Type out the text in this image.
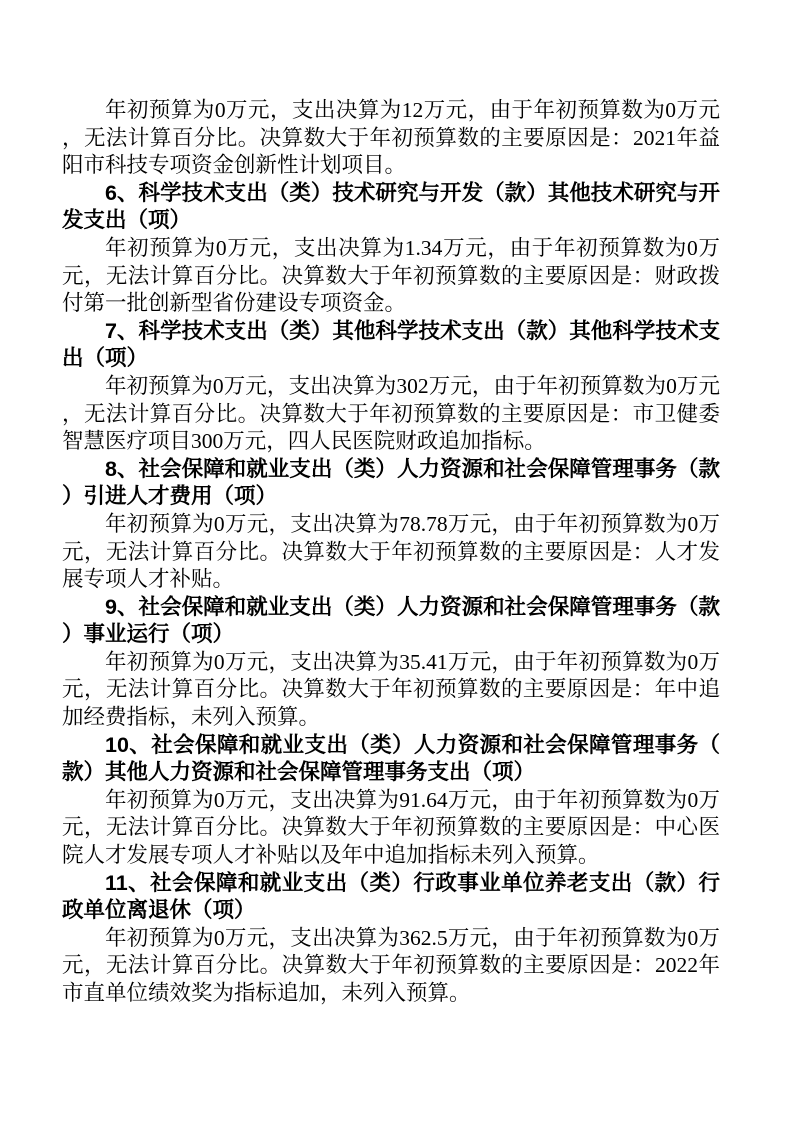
年初预算为0万元，支出决算为12万元，由于年初预算数为0万元，无法计算百分比。决算数大于年初预算数的主要原因是：2021年益阳市科技专项资金创新性计划项目。
6、科学技术支出（类）技术研究与开发（款）其他技术研究与开发支出（项）
年初预算为0万元，支出决算为1.34万元，由于年初预算数为0万元，无法计算百分比。决算数大于年初预算数的主要原因是：财政拨付第一批创新型省份建设专项资金。
7、科学技术支出（类）其他科学技术支出（款）其他科学技术支出（项）
年初预算为0万元，支出决算为302万元，由于年初预算数为0万元，无法计算百分比。决算数大于年初预算数的主要原因是：市卫健委智慧医疗项目300万元，四人民医院财政追加指标。
8、社会保障和就业支出（类）人力资源和社会保障管理事务（款）引进人才费用（项）
年初预算为0万元，支出决算为78.78万元，由于年初预算数为0万元，无法计算百分比。决算数大于年初预算数的主要原因是：人才发展专项人才补贴。
9、社会保障和就业支出（类）人力资源和社会保障管理事务（款）事业运行（项）
年初预算为0万元，支出决算为35.41万元，由于年初预算数为0万元，无法计算百分比。决算数大于年初预算数的主要原因是：年中追加经费指标，未列入预算。
10、社会保障和就业支出（类）人力资源和社会保障管理事务（款）其他人力资源和社会保障管理事务支出（项）
年初预算为0万元，支出决算为91.64万元，由于年初预算数为0万元，无法计算百分比。决算数大于年初预算数的主要原因是：中心医院人才发展专项人才补贴以及年中追加指标未列入预算。
11、社会保障和就业支出（类）行政事业单位养老支出（款）行政单位离退休（项）
年初预算为0万元，支出决算为362.5万元，由于年初预算数为0万元，无法计算百分比。决算数大于年初预算数的主要原因是：2022年市直单位绩效奖为指标追加，未列入预算。
